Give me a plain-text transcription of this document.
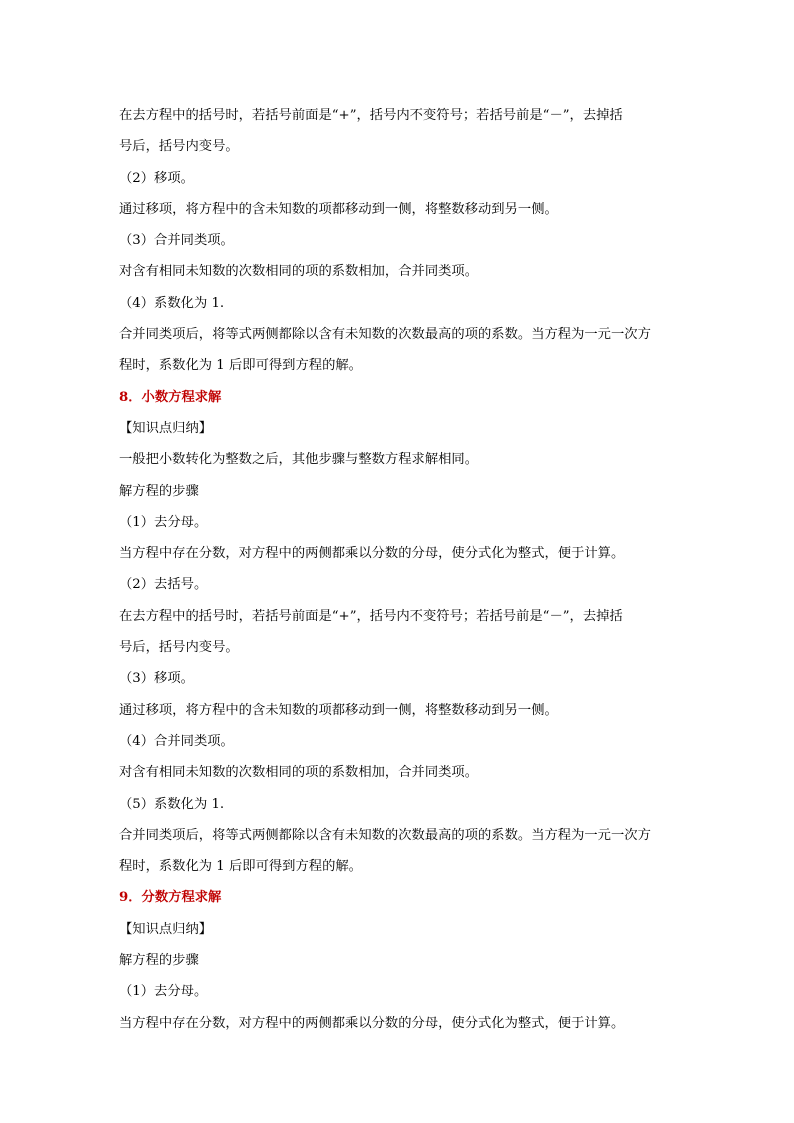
在去方程中的括号时，若括号前面是“+”，括号内不变符号；若括号前是“－”，去掉括
号后，括号内变号。
（2）移项。
通过移项，将方程中的含未知数的项都移动到一侧，将整数移动到另一侧。
（3）合并同类项。
对含有相同未知数的次数相同的项的系数相加，合并同类项。
（4）系数化为 1.
合并同类项后，将等式两侧都除以含有未知数的次数最高的项的系数。当方程为一元一次方
程时，系数化为 1 后即可得到方程的解。
8．小数方程求解
【知识点归纳】
一般把小数转化为整数之后，其他步骤与整数方程求解相同。
解方程的步骤
（1）去分母。
当方程中存在分数，对方程中的两侧都乘以分数的分母，使分式化为整式，便于计算。
（2）去括号。
在去方程中的括号时，若括号前面是“+”，括号内不变符号；若括号前是“－”，去掉括
号后，括号内变号。
（3）移项。
通过移项，将方程中的含未知数的项都移动到一侧，将整数移动到另一侧。
（4）合并同类项。
对含有相同未知数的次数相同的项的系数相加，合并同类项。
（5）系数化为 1.
合并同类项后，将等式两侧都除以含有未知数的次数最高的项的系数。当方程为一元一次方
程时，系数化为 1 后即可得到方程的解。
9．分数方程求解
【知识点归纳】
解方程的步骤
（1）去分母。
当方程中存在分数，对方程中的两侧都乘以分数的分母，使分式化为整式，便于计算。
